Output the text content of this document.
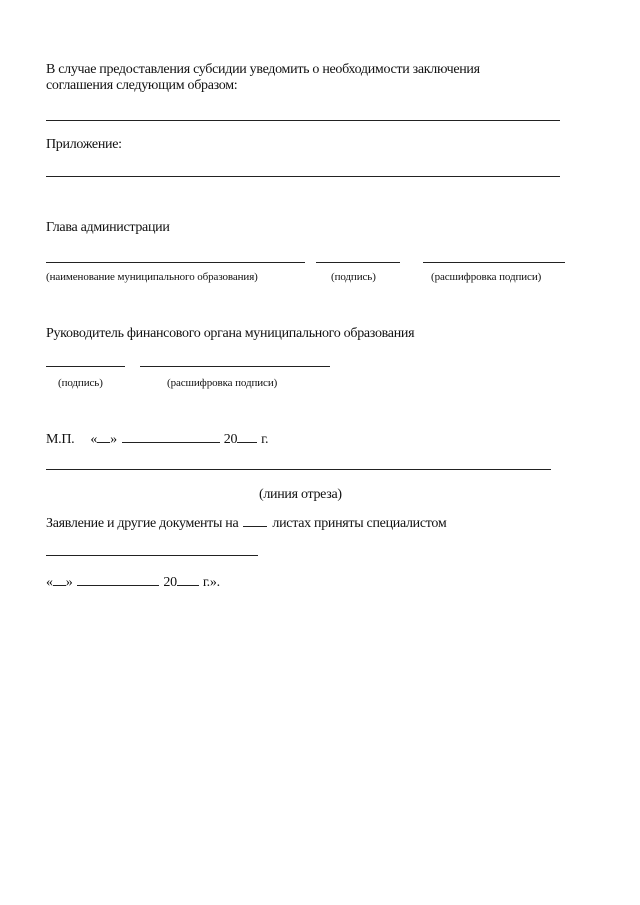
В случае предоставления субсидии уведомить о необходимости заключения
соглашения следующим образом:
Приложение:
Глава администрации
(наименование муниципального образования)	(подпись)	(расшифровка подписи)
Руководитель финансового органа муниципального образования
(подпись)	(расшифровка подписи)
М.П. « »	20 г.
(линия отреза)
Заявление и другие документы на листах приняты специалистом
« »	20 г.».
